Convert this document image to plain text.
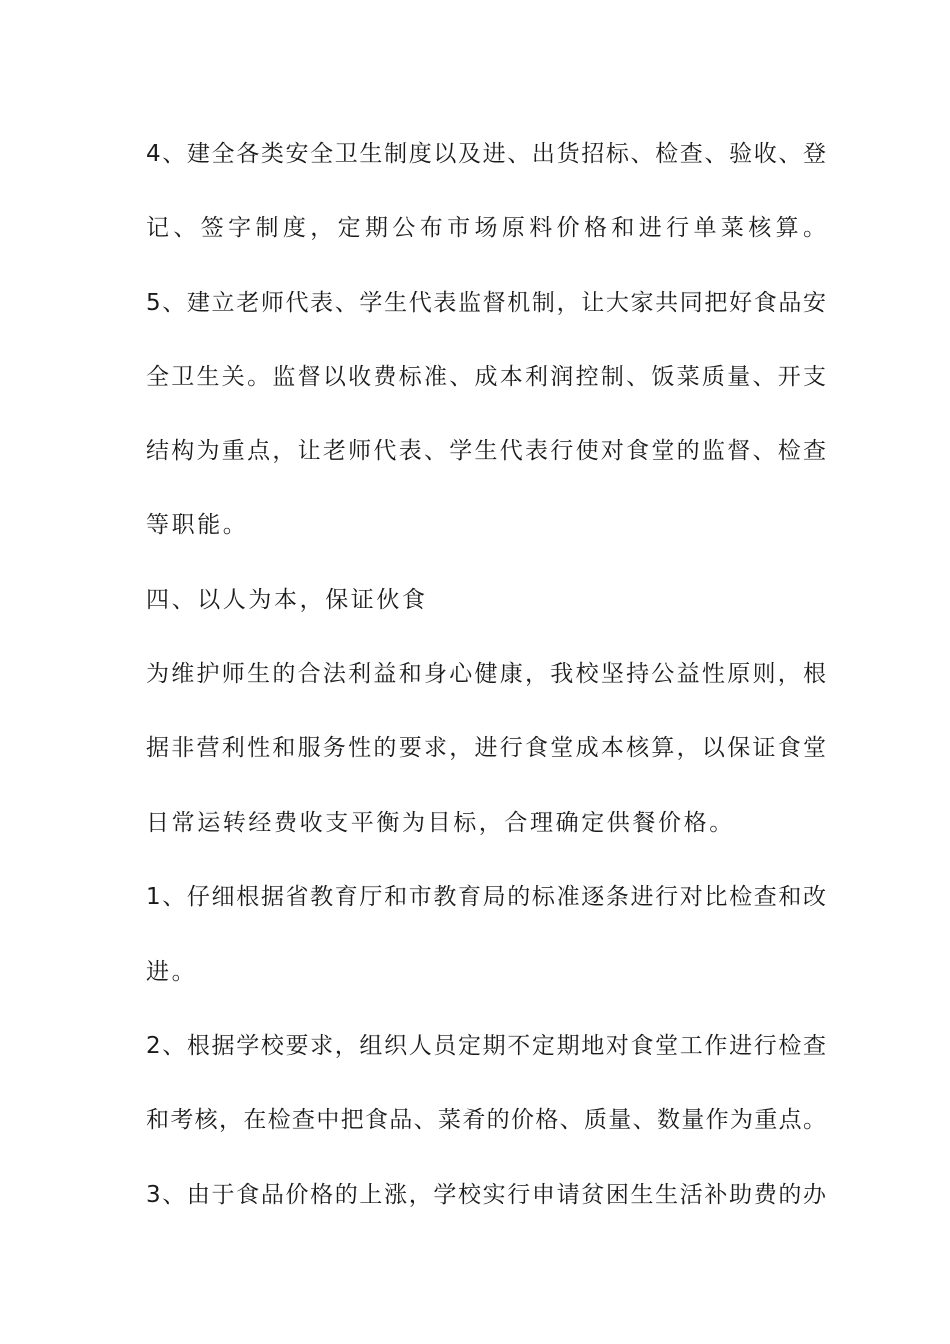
4、建全各类安全卫生制度以及进、出货招标、检查、验收、登
记、签字制度，定期公布市场原料价格和进行单菜核算。
5、建立老师代表、学生代表监督机制，让大家共同把好食品安
全卫生关。监督以收费标准、成本利润控制、饭菜质量、开支
结构为重点，让老师代表、学生代表行使对食堂的监督、检查
等职能。
四、以人为本，保证伙食
为维护师生的合法利益和身心健康，我校坚持公益性原则，根
据非营利性和服务性的要求，进行食堂成本核算，以保证食堂
日常运转经费收支平衡为目标，合理确定供餐价格。
1、仔细根据省教育厅和市教育局的标准逐条进行对比检查和改
进。
2、根据学校要求，组织人员定期不定期地对食堂工作进行检查
和考核，在检查中把食品、菜肴的价格、质量、数量作为重点。
3、由于食品价格的上涨，学校实行申请贫困生生活补助费的办
